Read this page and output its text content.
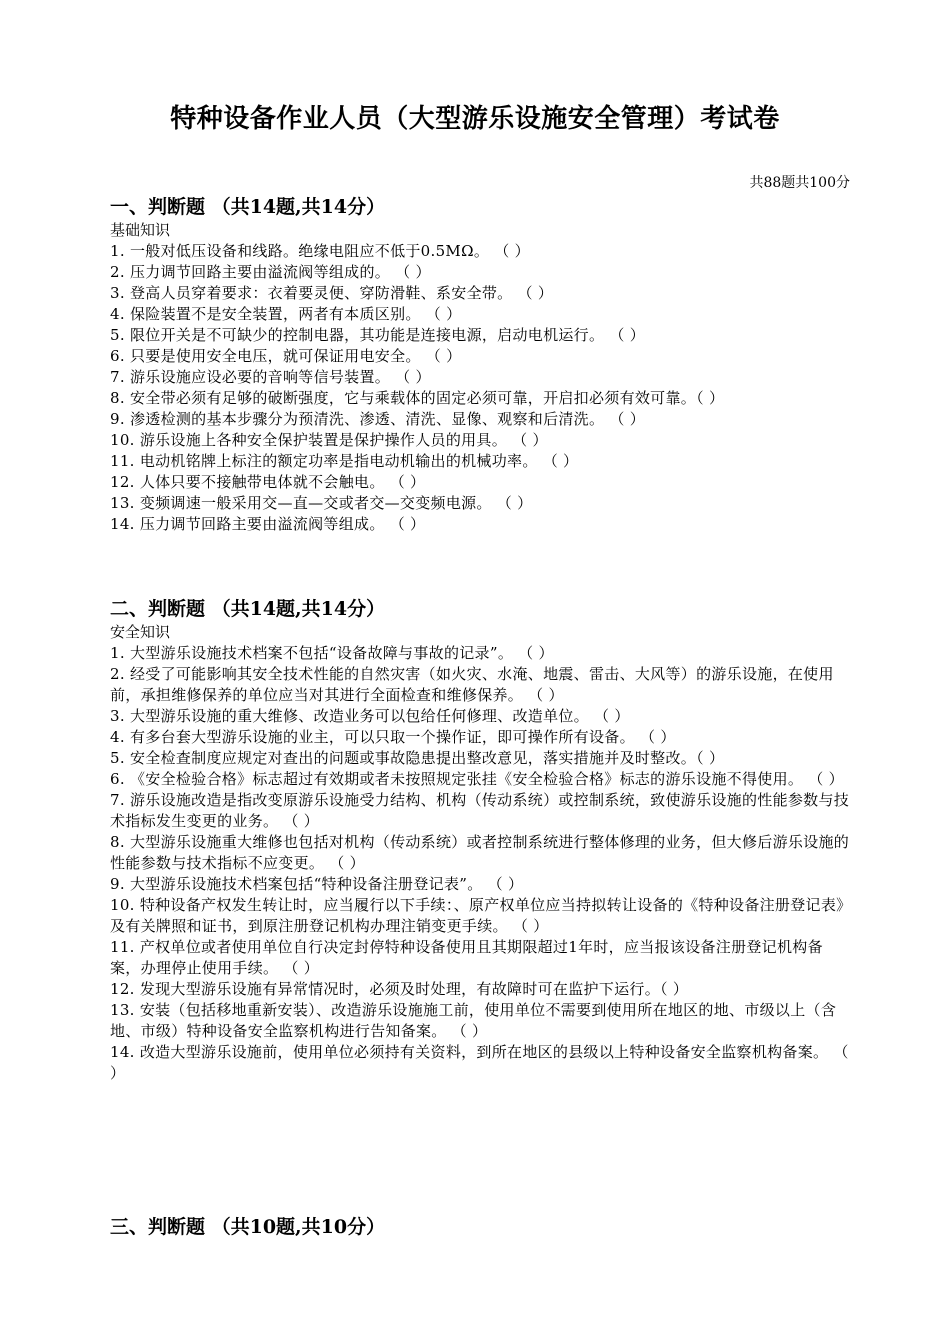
特种设备作业人员（大型游乐设施安全管理）考试卷
共88题共100分
一、判断题 （共14题,共14分）
基础知识
1. 一般对低压设备和线路。绝缘电阻应不低于0.5MΩ。 （ ）
2. 压力调节回路主要由溢流阀等组成的。 （ ）
3. 登高人员穿着要求：衣着要灵便、穿防滑鞋、系安全带。 （ ）
4. 保险装置不是安全装置，两者有本质区别。 （ ）
5. 限位开关是不可缺少的控制电器，其功能是连接电源，启动电机运行。 （ ）
6. 只要是使用安全电压，就可保证用电安全。 （ ）
7. 游乐设施应设必要的音响等信号装置。 （ ）
8. 安全带必须有足够的破断强度，它与乘载体的固定必须可靠，开启扣必须有效可靠。（ ）
9. 渗透检测的基本步骤分为预清洗、渗透、清洗、显像、观察和后清洗。 （ ）
10. 游乐设施上各种安全保护装置是保护操作人员的用具。 （ ）
11. 电动机铭牌上标注的额定功率是指电动机输出的机械功率。 （ ）
12. 人体只要不接触带电体就不会触电。 （ ）
13. 变频调速一般采用交—直—交或者交—交变频电源。 （ ）
14. 压力调节回路主要由溢流阀等组成。 （ ）
二、判断题 （共14题,共14分）
安全知识
1. 大型游乐设施技术档案不包括“设备故障与事故的记录”。 （ ）
2. 经受了可能影响其安全技术性能的自然灾害（如火灾、水淹、地震、雷击、大风等）的游乐设施，在使用前，承担维修保养的单位应当对其进行全面检查和维修保养。 （ ）
3. 大型游乐设施的重大维修、改造业务可以包给任何修理、改造单位。 （ ）
4. 有多台套大型游乐设施的业主，可以只取一个操作证，即可操作所有设备。 （ ）
5. 安全检查制度应规定对查出的问题或事故隐患提出整改意见，落实措施并及时整改。（ ）
6. 《安全检验合格》标志超过有效期或者未按照规定张挂《安全检验合格》标志的游乐设施不得使用。 （ ）
7. 游乐设施改造是指改变原游乐设施受力结构、机构（传动系统）或控制系统，致使游乐设施的性能参数与技术指标发生变更的业务。 （ ）
8. 大型游乐设施重大维修也包括对机构（传动系统）或者控制系统进行整体修理的业务，但大修后游乐设施的性能参数与技术指标不应变更。 （ ）
9. 大型游乐设施技术档案包括“特种设备注册登记表”。 （ ）
10. 特种设备产权发生转让时，应当履行以下手续：、原产权单位应当持拟转让设备的《特种设备注册登记表》及有关牌照和证书，到原注册登记机构办理注销变更手续。 （ ）
11. 产权单位或者使用单位自行决定封停特种设备使用且其期限超过1年时，应当报该设备注册登记机构备案，办理停止使用手续。 （ ）
12. 发现大型游乐设施有异常情况时，必须及时处理，有故障时可在监护下运行。（ ）
13. 安装（包括移地重新安装）、改造游乐设施施工前，使用单位不需要到使用所在地区的地、市级以上（含地、市级）特种设备安全监察机构进行告知备案。 （ ）
14. 改造大型游乐设施前，使用单位必须持有关资料，到所在地区的县级以上特种设备安全监察机构备案。 （ ）
三、判断题 （共10题,共10分）
